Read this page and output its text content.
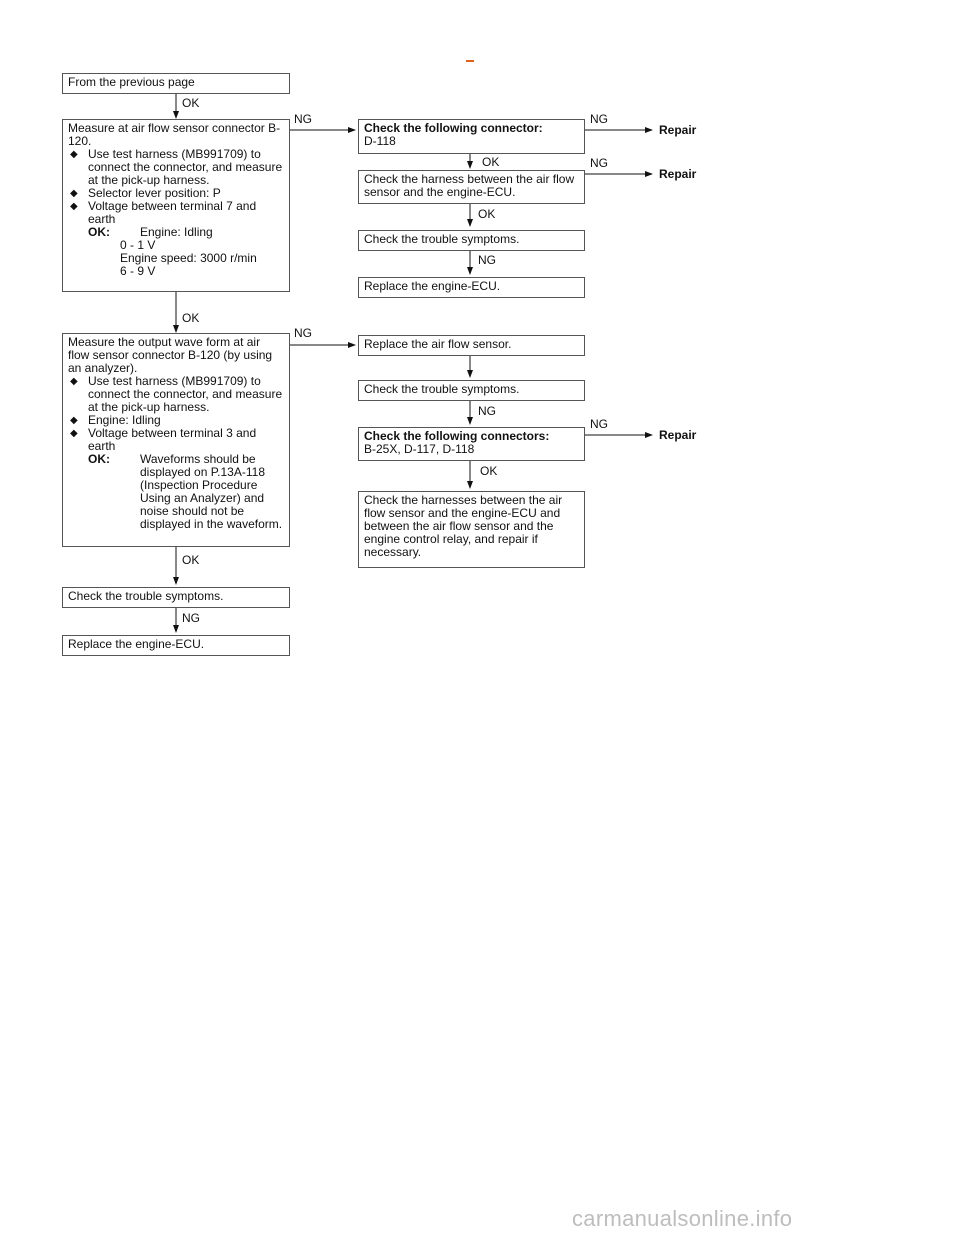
OK
NG	NG
OK	NG
OK
NG
OK
NG
NG
NG
OK
OK
NG
Repair
Repair
Repair
From the previous page
Measure at air flow sensor connector B-120.
◆ Use test harness (MB991709) to connect the connector, and measure at the pick-up harness.
◆ Selector lever position: P
◆ Voltage between terminal 7 and earth
OK:	Engine: Idling
0 - 1 V
Engine speed: 3000 r/min
6 - 9 V
Measure the output wave form at air flow sensor connector B-120 (by using an analyzer).
◆ Use test harness (MB991709) to connect the connector, and measure at the pick-up harness.
◆ Engine: Idling
◆ Voltage between terminal 3 and earth
OK:	Waveforms should be displayed on P.13A-118 (Inspection Procedure Using an Analyzer) and noise should not be displayed in the waveform.
Check the trouble symptoms.
Replace the engine-ECU.
Check the following connector:
D-118
Check the harness between the air flow sensor and the engine-ECU.
Check the trouble symptoms.
Replace the engine-ECU.
Replace the air flow sensor.
Check the trouble symptoms.
Check the following connectors:
B-25X, D-117, D-118
Check the harnesses between the air flow sensor and the engine-ECU and between the air flow sensor and the engine control relay, and repair if necessary.
carmanualsonline.info
